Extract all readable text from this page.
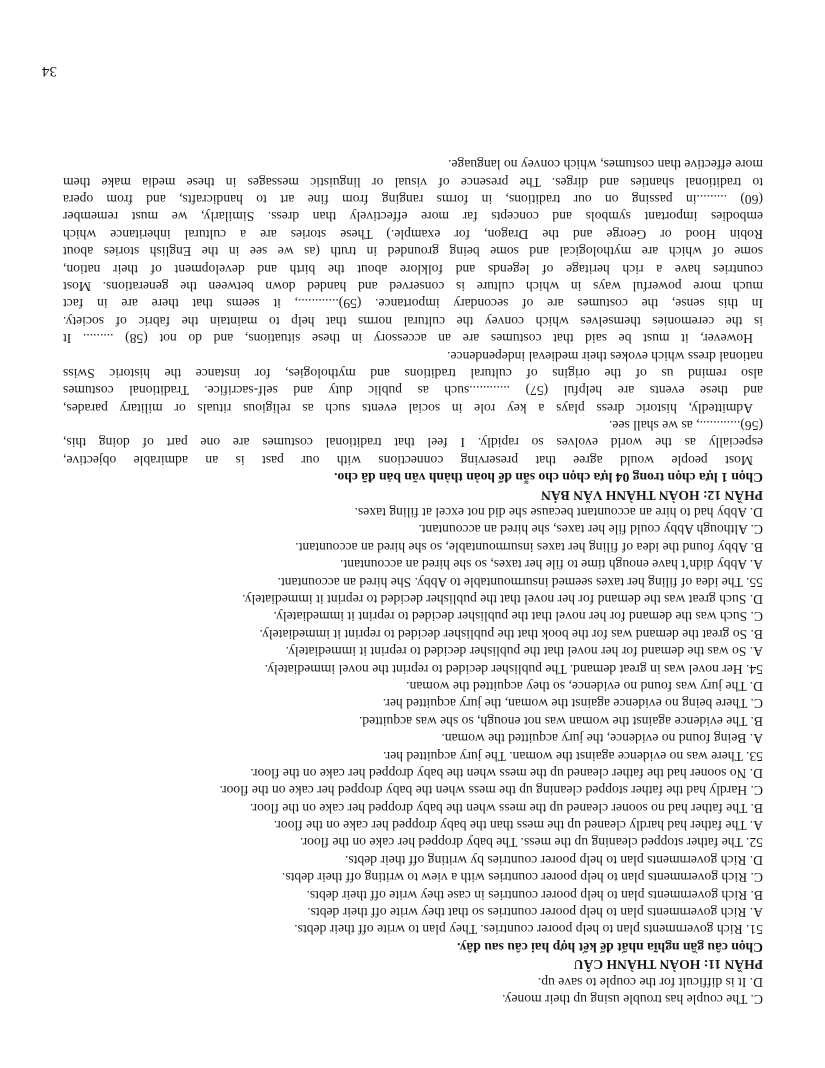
C. The couple has trouble using up their money.
D. It is difficult for the couple to save up.
PHẦN 11: HOÀN THÀNH CÂU
Chọn câu gần nghĩa nhất để kết hợp hai câu sau đây.
51. Rich governments plan to help poorer countries. They plan to write off their debts.
A. Rich governments plan to help poorer countries so that they write off their debts.
B. Rich governments plan to help poorer countries in case they write off their debts.
C. Rich governments plan to help poorer countries with a view to writing off their debts.
D. Rich governments plan to help poorer countries by writing off their debts.
52. The father stopped cleaning up the mess. The baby dropped her cake on the floor.
A. The father had hardly cleaned up the mess than the baby dropped her cake on the floor.
B. The father had no sooner cleaned up the mess when the baby dropped her cake on the floor.
C. Hardly had the father stopped cleaning up the mess when the baby dropped her cake on the floor.
D. No sooner had the father cleaned up the mess when the baby dropped her cake on the floor.
53. There was no evidence against the woman. The jury acquitted her.
A. Being found no evidence, the jury acquitted the woman.
B. The evidence against the woman was not enough, so she was acquitted.
C. There being no evidence against the woman, the jury acquitted her.
D. The jury was found no evidence, so they acquitted the woman.
54. Her novel was in great demand. The publisher decided to reprint the novel immediately.
A. So was the demand for her novel that the publisher decided to reprint it immediately.
B. So great the demand was for the book that the publisher decided to reprint it immediately.
C. Such was the demand for her novel that the publisher decided to reprint it immediately.
D. Such great was the demand for her novel that the publisher decided to reprint it immediately.
55. The idea of filing her taxes seemed insurmountable to Abby. She hired an accountant.
A. Abby didn’t have enough time to file her taxes, so she hired an accountant.
B. Abby found the idea of filing her taxes insurmountable, so she hired an accountant.
C. Although Abby could file her taxes, she hired an accountant.
D. Abby had to hire an accountant because she did not excel at filing taxes.
PHẦN 12: HOÀN THÀNH VĂN BẢN
Chọn 1 lựa chọn trong 04 lựa chọn cho sẵn để hoàn thành văn bản đã cho.
Most people would agree that preserving connections with our past is an admirable objective,
especially as the world evolves so rapidly. I feel that traditional costumes are one part of doing this,
(56)............, as we shall see.
Admittedly, historic dress plays a key role in social events such as religious rituals or military parades,
and these events are helpful (57) ............such as public duty and self-sacrifice. Traditional costumes
also remind us of the origins of cultural traditions and mythologies, for instance the historic Swiss
national dress which evokes their medieval independence.
However, it must be said that costumes are an accessory in these situations, and do not (58) ......... It
is the ceremonies themselves which convey the cultural norms that help to maintain the fabric of society.
In this sense, the costumes are of secondary importance. (59)............, it seems that there are in fact
much more powerful ways in which culture is conserved and handed down between the generations. Most
countries have a rich heritage of legends and folklore about the birth and development of their nation,
some of which are mythological and some being grounded in truth (as we see in the English stories about
Robin Hood or George and the Dragon, for example.) These stories are a cultural inheritance which
embodies important symbols and concepts far more effectively than dress. Similarly, we must remember
(60) .........in passing on our traditions, in forms ranging from fine art to handicrafts, and from opera
to traditional shanties and dirges. The presence of visual or linguistic messages in these media make them
more effective than costumes, which convey no language.
34
